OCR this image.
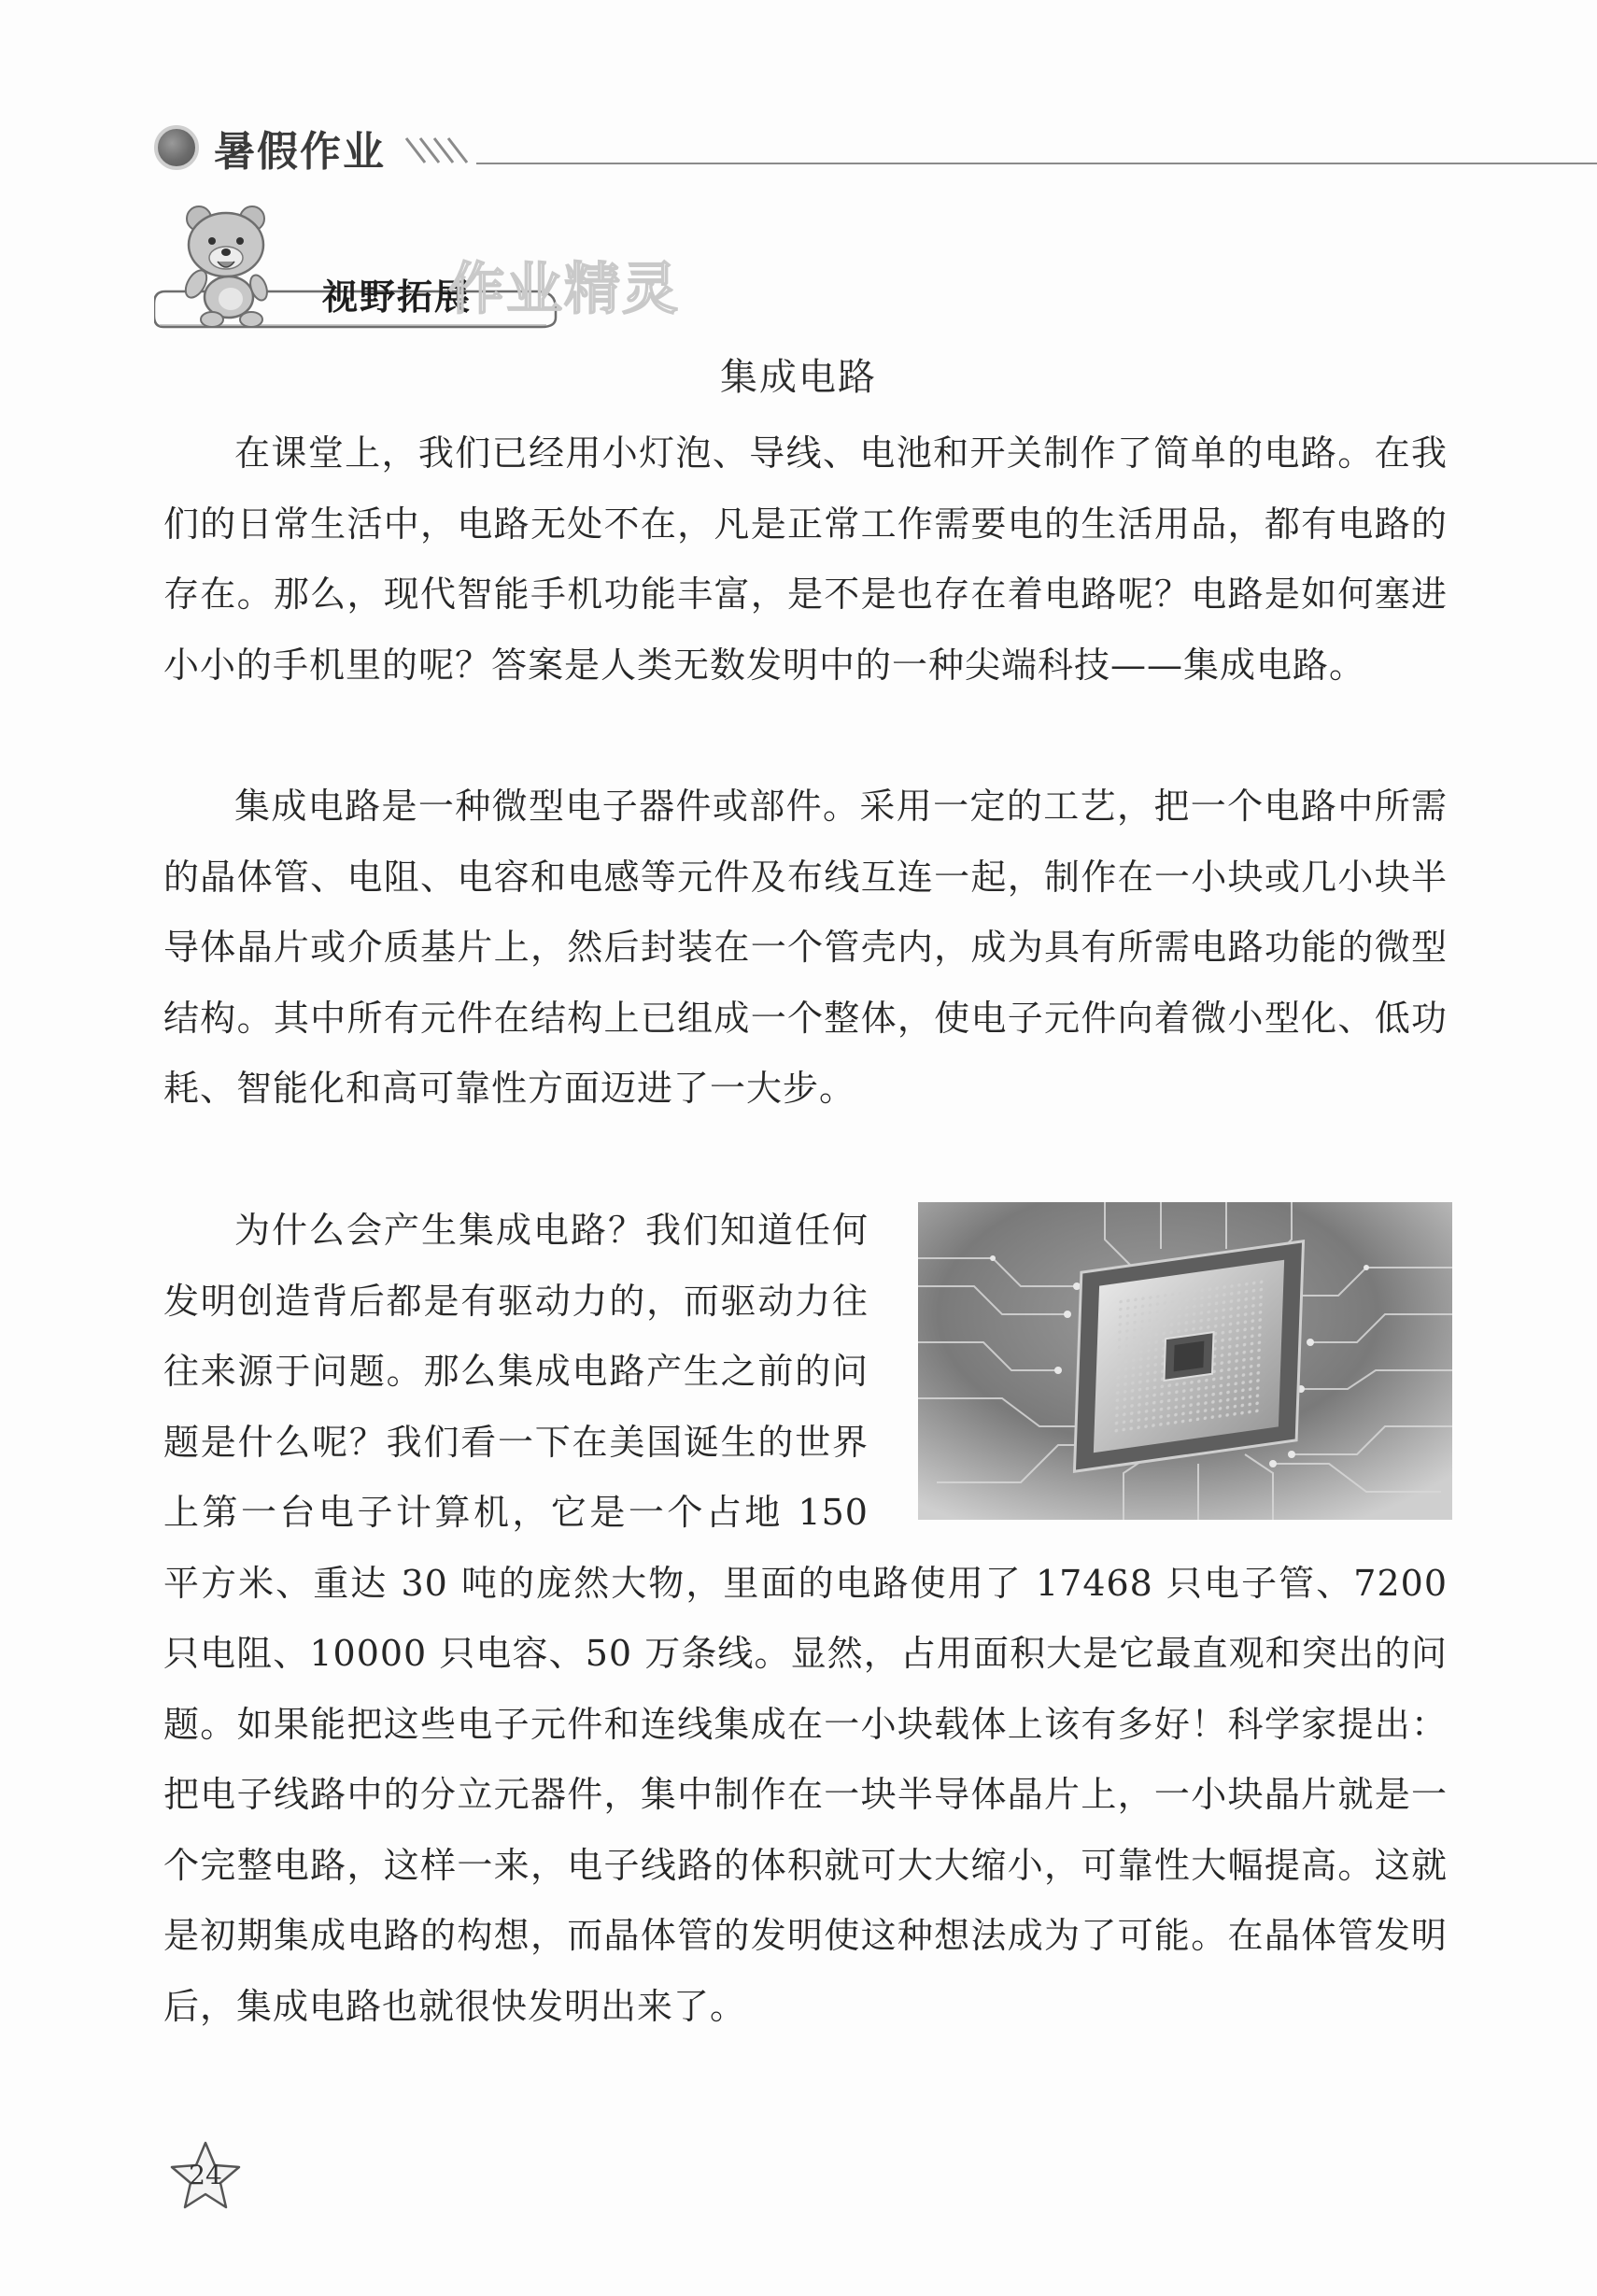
暑假作业
视野拓展
作业精灵
集成电路

在课堂上，我们已经用小灯泡、导线、电池和开关制作了简单的电路。在我们的日常生活中，电路无处不在，凡是正常工作需要电的生活用品，都有电路的存在。那么，现代智能手机功能丰富，是不是也存在着电路呢？电路是如何塞进小小的手机里的呢？答案是人类无数发明中的一种尖端科技——集成电路。

集成电路是一种微型电子器件或部件。采用一定的工艺，把一个电路中所需的晶体管、电阻、电容和电感等元件及布线互连一起，制作在一小块或几小块半导体晶片或介质基片上，然后封装在一个管壳内，成为具有所需电路功能的微型结构。其中所有元件在结构上已组成一个整体，使电子元件向着微小型化、低功耗、智能化和高可靠性方面迈进了一大步。

为什么会产生集成电路？我们知道任何发明创造背后都是有驱动力的，而驱动力往往来源于问题。那么集成电路产生之前的问题是什么呢？我们看一下在美国诞生的世界上第一台电子计算机，它是一个占地 150 平方米、重达 30 吨的庞然大物，里面的电路使用了 17468 只电子管、7200 只电阻、10000 只电容、50 万条线。显然，占用面积大是它最直观和突出的问题。如果能把这些电子元件和连线集成在一小块载体上该有多好！科学家提出：把电子线路中的分立元器件，集中制作在一块半导体晶片上，一小块晶片就是一个完整电路，这样一来，电子线路的体积就可大大缩小，可靠性大幅提高。这就是初期集成电路的构想，而晶体管的发明使这种想法成为了可能。在晶体管发明后，集成电路也就很快发明出来了。
24
